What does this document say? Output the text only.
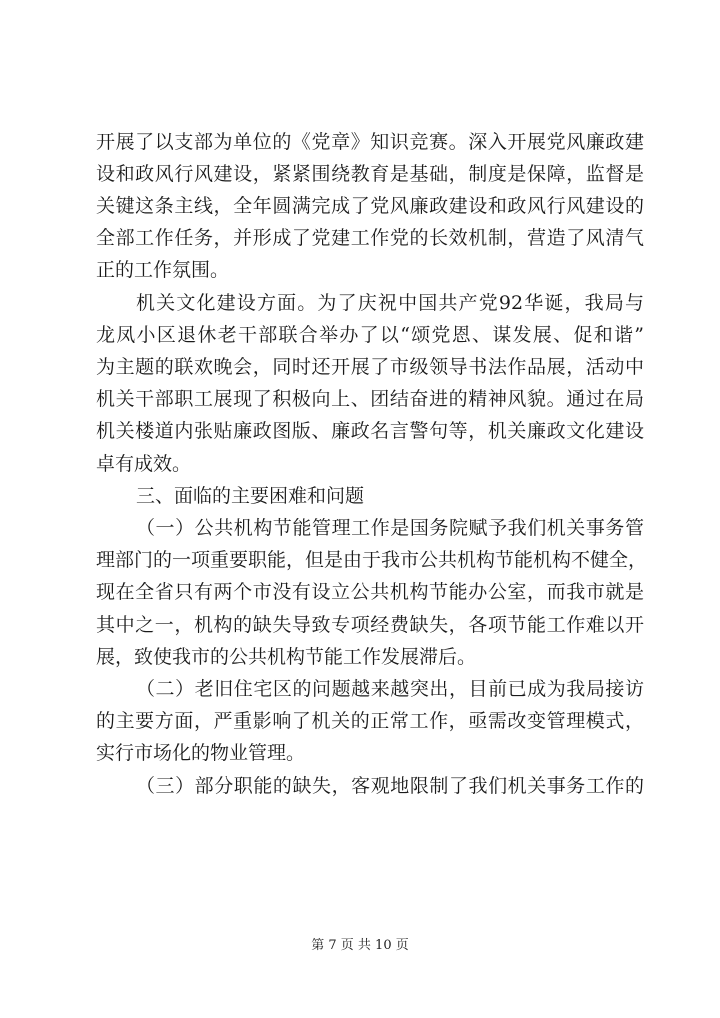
开展了以支部为单位的《党章》知识竞赛。深入开展党风廉政建
设和政风行风建设，紧紧围绕教育是基础，制度是保障，监督是
关键这条主线，全年圆满完成了党风廉政建设和政风行风建设的
全部工作任务，并形成了党建工作党的长效机制，营造了风清气
正的工作氛围。
机关文化建设方面。为了庆祝中国共产党92华诞，我局与
龙凤小区退休老干部联合举办了以“颂党恩、谋发展、促和谐”
为主题的联欢晚会，同时还开展了市级领导书法作品展，活动中
机关干部职工展现了积极向上、团结奋进的精神风貌。通过在局
机关楼道内张贴廉政图版、廉政名言警句等，机关廉政文化建设
卓有成效。
三、面临的主要困难和问题
（一）公共机构节能管理工作是国务院赋予我们机关事务管
理部门的一项重要职能，但是由于我市公共机构节能机构不健全，
现在全省只有两个市没有设立公共机构节能办公室，而我市就是
其中之一，机构的缺失导致专项经费缺失，各项节能工作难以开
展，致使我市的公共机构节能工作发展滞后。
（二）老旧住宅区的问题越来越突出，目前已成为我局接访
的主要方面，严重影响了机关的正常工作，亟需改变管理模式，
实行市场化的物业管理。
（三）部分职能的缺失，客观地限制了我们机关事务工作的
第 7 页 共 10 页
